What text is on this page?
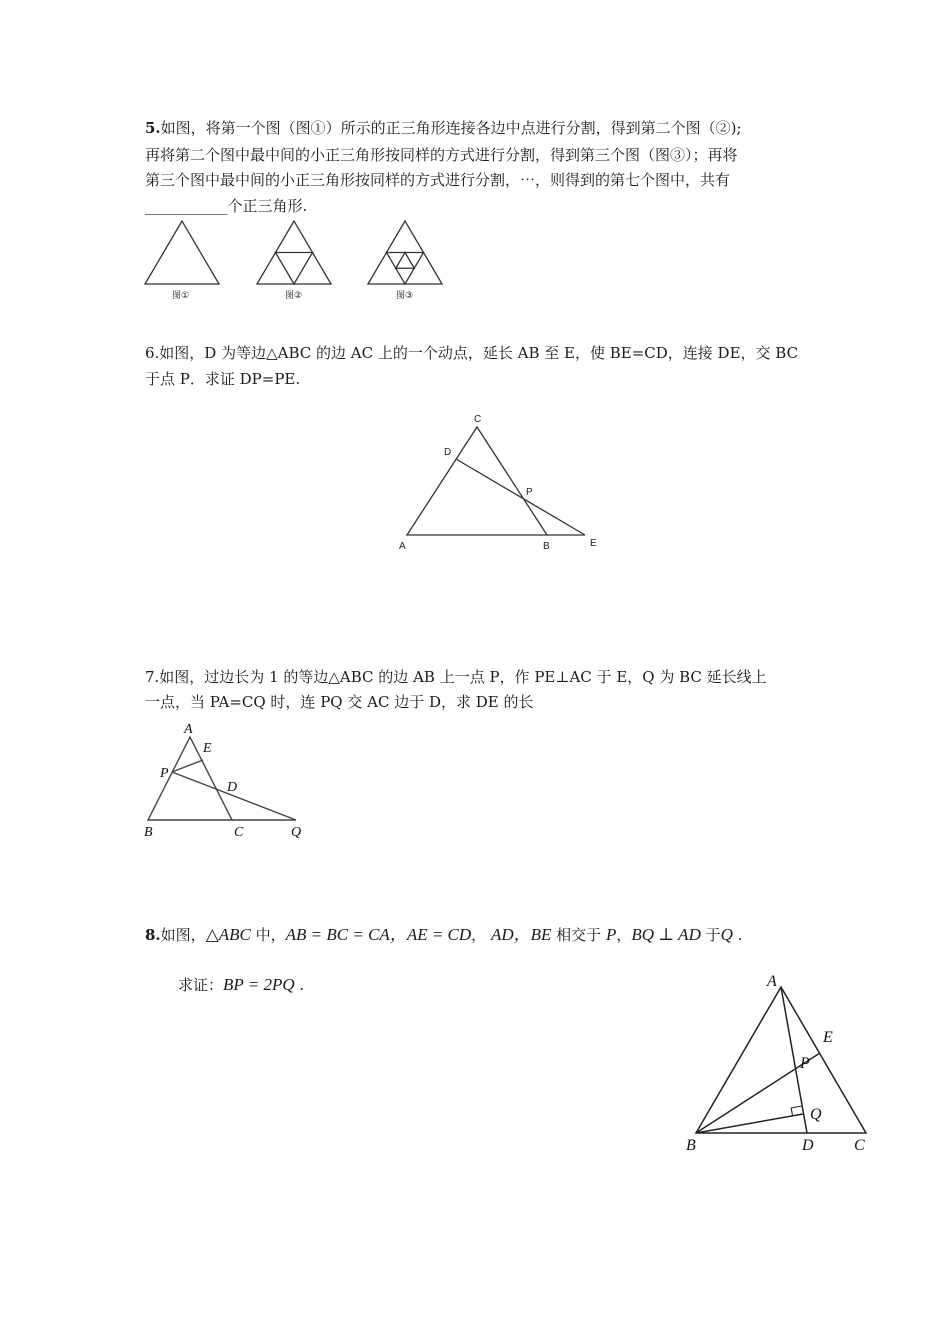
5.如图，将第一个图（图①）所示的正三角形连接各边中点进行分割，得到第二个图（②);
再将第二个图中最中间的小正三角形按同样的方式进行分割，得到第三个图（图③）；再将
第三个图中最中间的小正三角形按同样的方式进行分割，⋯，则得到的第七个图中，共有
___________个正三角形.
图①	图②	图③
6.如图，D 为等边△ABC 的边 AC 上的一个动点，延长 AB 至 E，使 BE=CD，连接 DE，交 BC
于点 P．求证 DP=PE.
C
D
P
A	B	E
7.如图，过边长为 1 的等边△ABC 的边 AB 上一点 P，作 PE⊥AC 于 E，Q 为 BC 延长线上
一点，当 PA=CQ 时，连 PQ 交 AC 边于 D，求 DE 的长
A
E
P
D
B	C	Q
8.如图，△ABC 中，AB = BC = CA，AE = CD， AD，BE 相交于 P，BQ ⊥ AD 于Q .
求证：BP = 2PQ .	A
E
P
Q
B	D	C
